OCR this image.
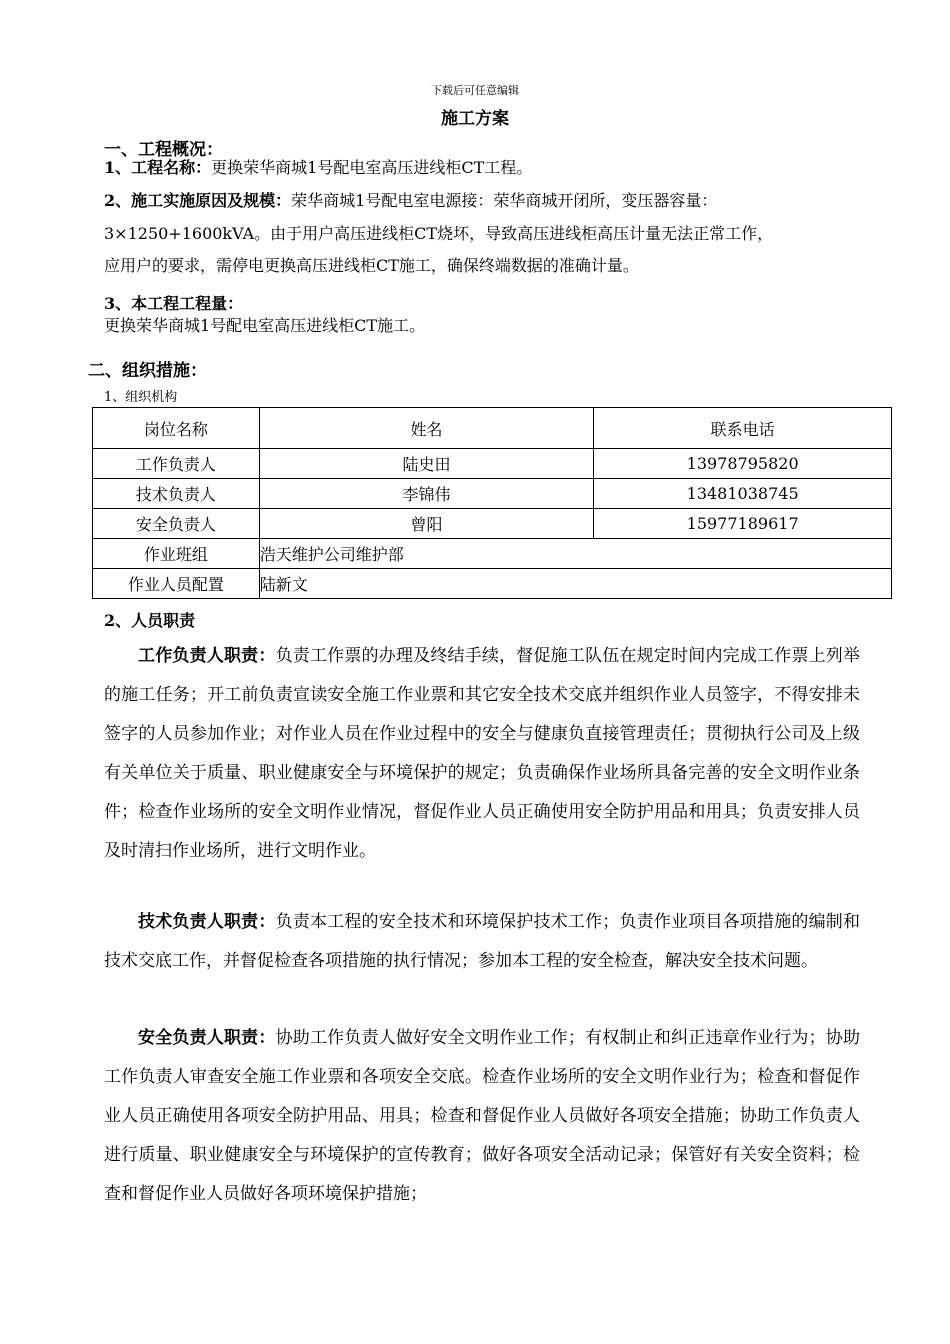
下载后可任意编辑
施工方案
一、工程概况：
1、工程名称：更换荣华商城1号配电室高压进线柜CT工程。
2、施工实施原因及规模：荣华商城1号配电室电源接：荣华商城开闭所，变压器容量：
3×1250+1600kVA。由于用户高压进线柜CT烧坏，导致高压进线柜高压计量无法正常工作，
应用户的要求，需停电更换高压进线柜CT施工，确保终端数据的准确计量。
3、本工程工程量：
更换荣华商城1号配电室高压进线柜CT施工。
二、组织措施：
1、组织机构
岗位名称	姓名	联系电话
工作负责人	陆史田	13978795820
技术负责人	李锦伟	13481038745
安全负责人	曾阳	15977189617
作业班组	浩天维护公司维护部	
作业人员配置	陆新文	
2、人员职责
工作负责人职责：负责工作票的办理及终结手续，督促施工队伍在规定时间内完成工作票上列举的施工任务；开工前负责宣读安全施工作业票和其它安全技术交底并组织作业人员签字，不得安排未签字的人员参加作业；对作业人员在作业过程中的安全与健康负直接管理责任；贯彻执行公司及上级有关单位关于质量、职业健康安全与环境保护的规定；负责确保作业场所具备完善的安全文明作业条件；检查作业场所的安全文明作业情况，督促作业人员正确使用安全防护用品和用具；负责安排人员及时清扫作业场所，进行文明作业。
技术负责人职责：负责本工程的安全技术和环境保护技术工作；负责作业项目各项措施的编制和技术交底工作，并督促检查各项措施的执行情况；参加本工程的安全检查，解决安全技术问题。
安全负责人职责：协助工作负责人做好安全文明作业工作；有权制止和纠正违章作业行为；协助工作负责人审查安全施工作业票和各项安全交底。检查作业场所的安全文明作业行为；检查和督促作业人员正确使用各项安全防护用品、用具；检查和督促作业人员做好各项安全措施；协助工作负责人进行质量、职业健康安全与环境保护的宣传教育；做好各项安全活动记录；保管好有关安全资料；检查和督促作业人员做好各项环境保护措施；
